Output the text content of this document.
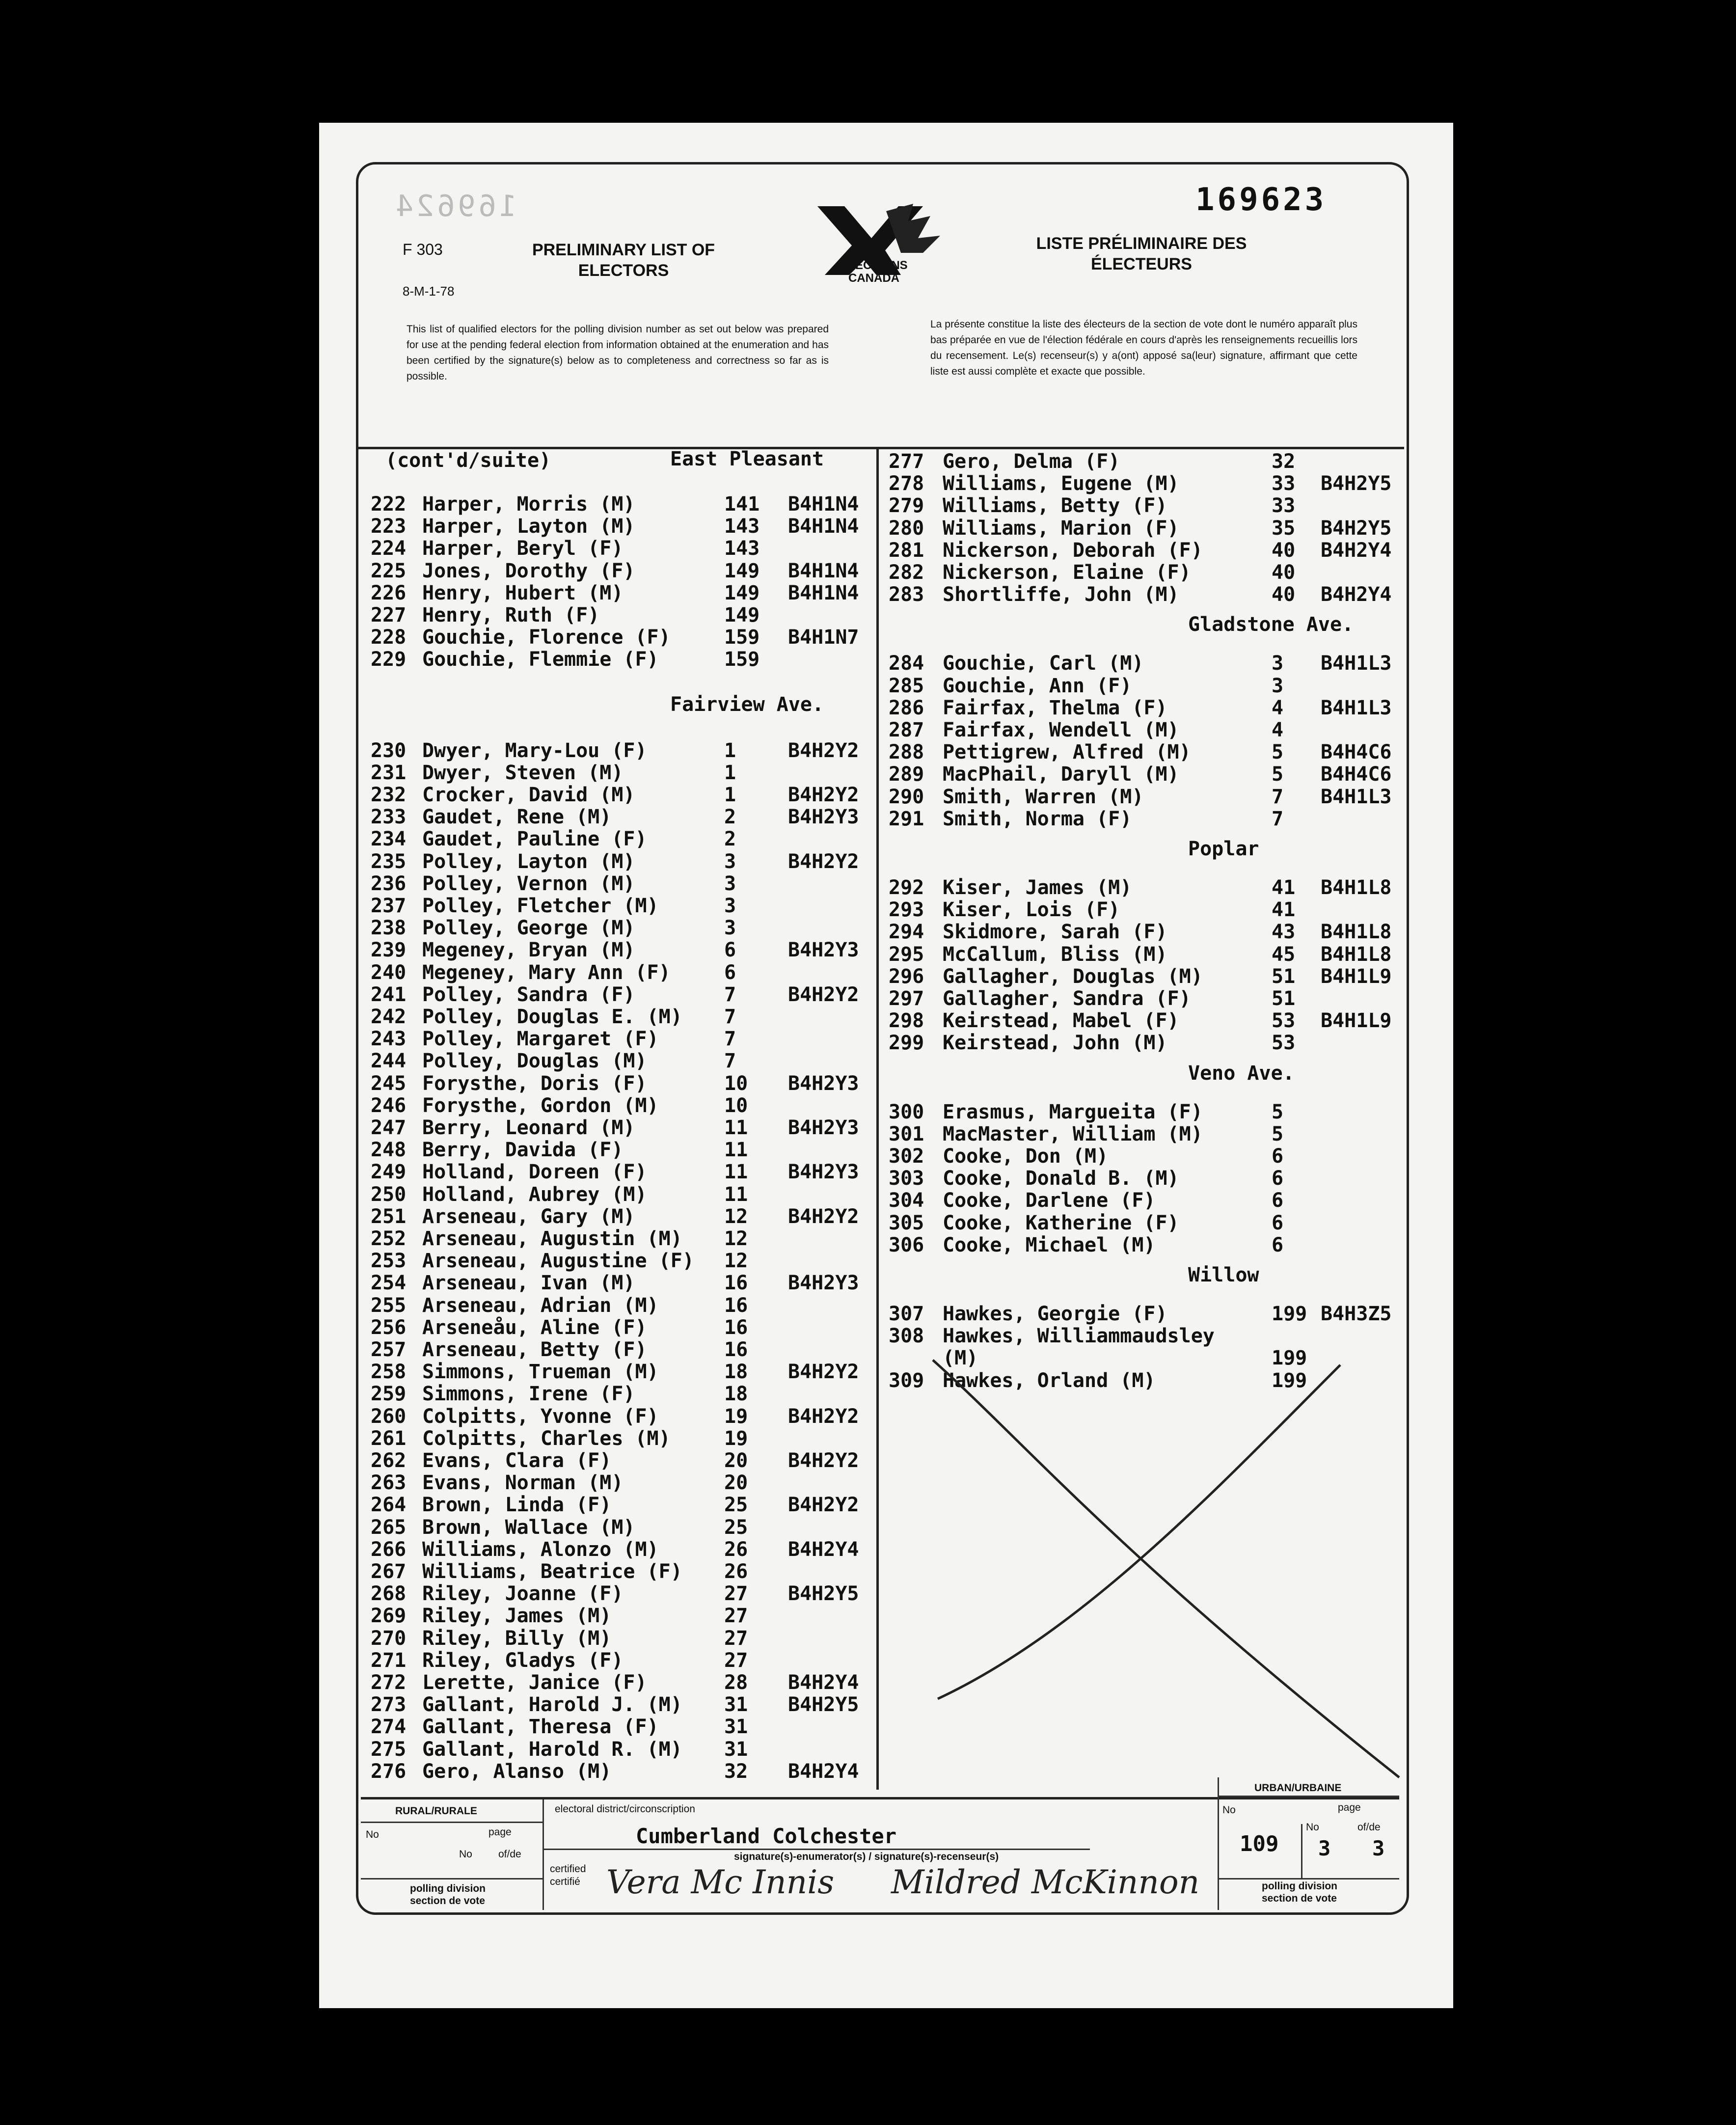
169624	169623
F 303
8-M-1-78
PRELIMINARY LIST OF
ELECTORS
LISTE PRÉLIMINAIRE DES
ÉLECTEURS
ELECTIONS
CANADA
This list of qualified electors for the polling division number as set out below was prepared for use at the pending federal election from information obtained at the enumeration and has been certified by the signature(s) below as to completeness and correctness so far as is possible.
La présente constitue la liste des électeurs de la section de vote dont le numéro apparaît plus bas préparée en vue de l'élection fédérale en cours d'après les renseignements recueillis lors du recensement. Le(s) recenseur(s) y a(ont) apposé sa(leur) signature, affirmant que cette liste est aussi complète et exacte que possible.
(cont'd/suite)	East Pleasant
222 Harper, Morris (M)	141 B4H1N4
223 Harper, Layton (M)	143 B4H1N4
224 Harper, Beryl (F)	143
225 Jones, Dorothy (F)	149 B4H1N4
226 Henry, Hubert (M)	149 B4H1N4
227 Henry, Ruth (F)	149
228 Gouchie, Florence (F)	159 B4H1N7
229 Gouchie, Flemmie (F)	159
Fairview Ave.
230 Dwyer, Mary-Lou (F)	1	B4H2Y2
231 Dwyer, Steven (M)	1
232 Crocker, David (M)	1	B4H2Y2
233 Gaudet, Rene (M)	2	B4H2Y3
234 Gaudet, Pauline (F)	2
235 Polley, Layton (M)	3	B4H2Y2
236 Polley, Vernon (M)	3
237 Polley, Fletcher (M)	3
238 Polley, George (M)	3
239 Megeney, Bryan (M)	6	B4H2Y3
240 Megeney, Mary Ann (F)	6
241 Polley, Sandra (F)	7	B4H2Y2
242 Polley, Douglas E. (M) 7
243 Polley, Margaret (F)	7
244 Polley, Douglas (M)	7
245 Forysthe, Doris (F)	10 B4H2Y3
246 Forysthe, Gordon (M)	10
247 Berry, Leonard (M)	11 B4H2Y3
248 Berry, Davida (F)	11
249 Holland, Doreen (F)	11 B4H2Y3
250 Holland, Aubrey (M)	11
251 Arseneau, Gary (M)	12 B4H2Y2
252 Arseneau, Augustin (M) 12
253 Arseneau, Augustine (F) 12
254 Arseneau, Ivan (M)	16 B4H2Y3
255 Arseneau, Adrian (M)	16
256 Arseneåu, Aline (F)	16
257 Arseneau, Betty (F)	16
258 Simmons, Trueman (M)	18 B4H2Y2
259 Simmons, Irene (F)	18
260 Colpitts, Yvonne (F)	19 B4H2Y2
261 Colpitts, Charles (M)	19
262 Evans, Clara (F)	20 B4H2Y2
263 Evans, Norman (M)	20
264 Brown, Linda (F)	25 B4H2Y2
265 Brown, Wallace (M)	25
266 Williams, Alonzo (M)	26 B4H2Y4
267 Williams, Beatrice (F) 26
268 Riley, Joanne (F)	27 B4H2Y5
269 Riley, James (M)	27
270 Riley, Billy (M)	27
271 Riley, Gladys (F)	27
272 Lerette, Janice (F)	28 B4H2Y4
273 Gallant, Harold J. (M) 31 B4H2Y5
274 Gallant, Theresa (F)	31
275 Gallant, Harold R. (M) 31
276 Gero, Alanso (M)	32 B4H2Y4
277 Gero, Delma (F)	32
278 Williams, Eugene (M)	33 B4H2Y5
279 Williams, Betty (F)	33
280 Williams, Marion (F)	35 B4H2Y5
281 Nickerson, Deborah (F)	40 B4H2Y4
282 Nickerson, Elaine (F)	40
283 Shortliffe, John (M)	40 B4H2Y4
Gladstone Ave.
284 Gouchie, Carl (M)	3 B4H1L3
285 Gouchie, Ann (F)	3
286 Fairfax, Thelma (F)	4 B4H1L3
287 Fairfax, Wendell (M)	4
288 Pettigrew, Alfred (M)	5 B4H4C6
289 MacPhail, Daryll (M)	5 B4H4C6
290 Smith, Warren (M)	7 B4H1L3
291 Smith, Norma (F)	7
Poplar
292 Kiser, James (M)	41 B4H1L8
293 Kiser, Lois (F)	41
294 Skidmore, Sarah (F)	43 B4H1L8
295 McCallum, Bliss (M)	45 B4H1L8
296 Gallagher, Douglas (M)	51 B4H1L9
297 Gallagher, Sandra (F)	51
298 Keirstead, Mabel (F)	53 B4H1L9
299 Keirstead, John (M)	53
Veno Ave.
300 Erasmus, Margueita (F)	5
301 MacMaster, William (M)	5
302 Cooke, Don (M)	6
303 Cooke, Donald B. (M)	6
304 Cooke, Darlene (F)	6
305 Cooke, Katherine (F)	6
306 Cooke, Michael (M)	6
Willow
307 Hawkes, Georgie (F)	199 B4H3Z5
308 Hawkes, Williammaudsley
(M)	199
309 Hawkes, Orland (M)	199
RURAL/RURALE
No	page
No	of/de
polling division
section de vote
electoral district/circonscription
Cumberland Colchester
signature(s)-enumerator(s) / signature(s)-recenseur(s)
certified
certifié Vera Mc Innis Mildred McKinnon
URBAN/URBAINE
No
109
page
No
3
of/de
3
polling division
section de vote
